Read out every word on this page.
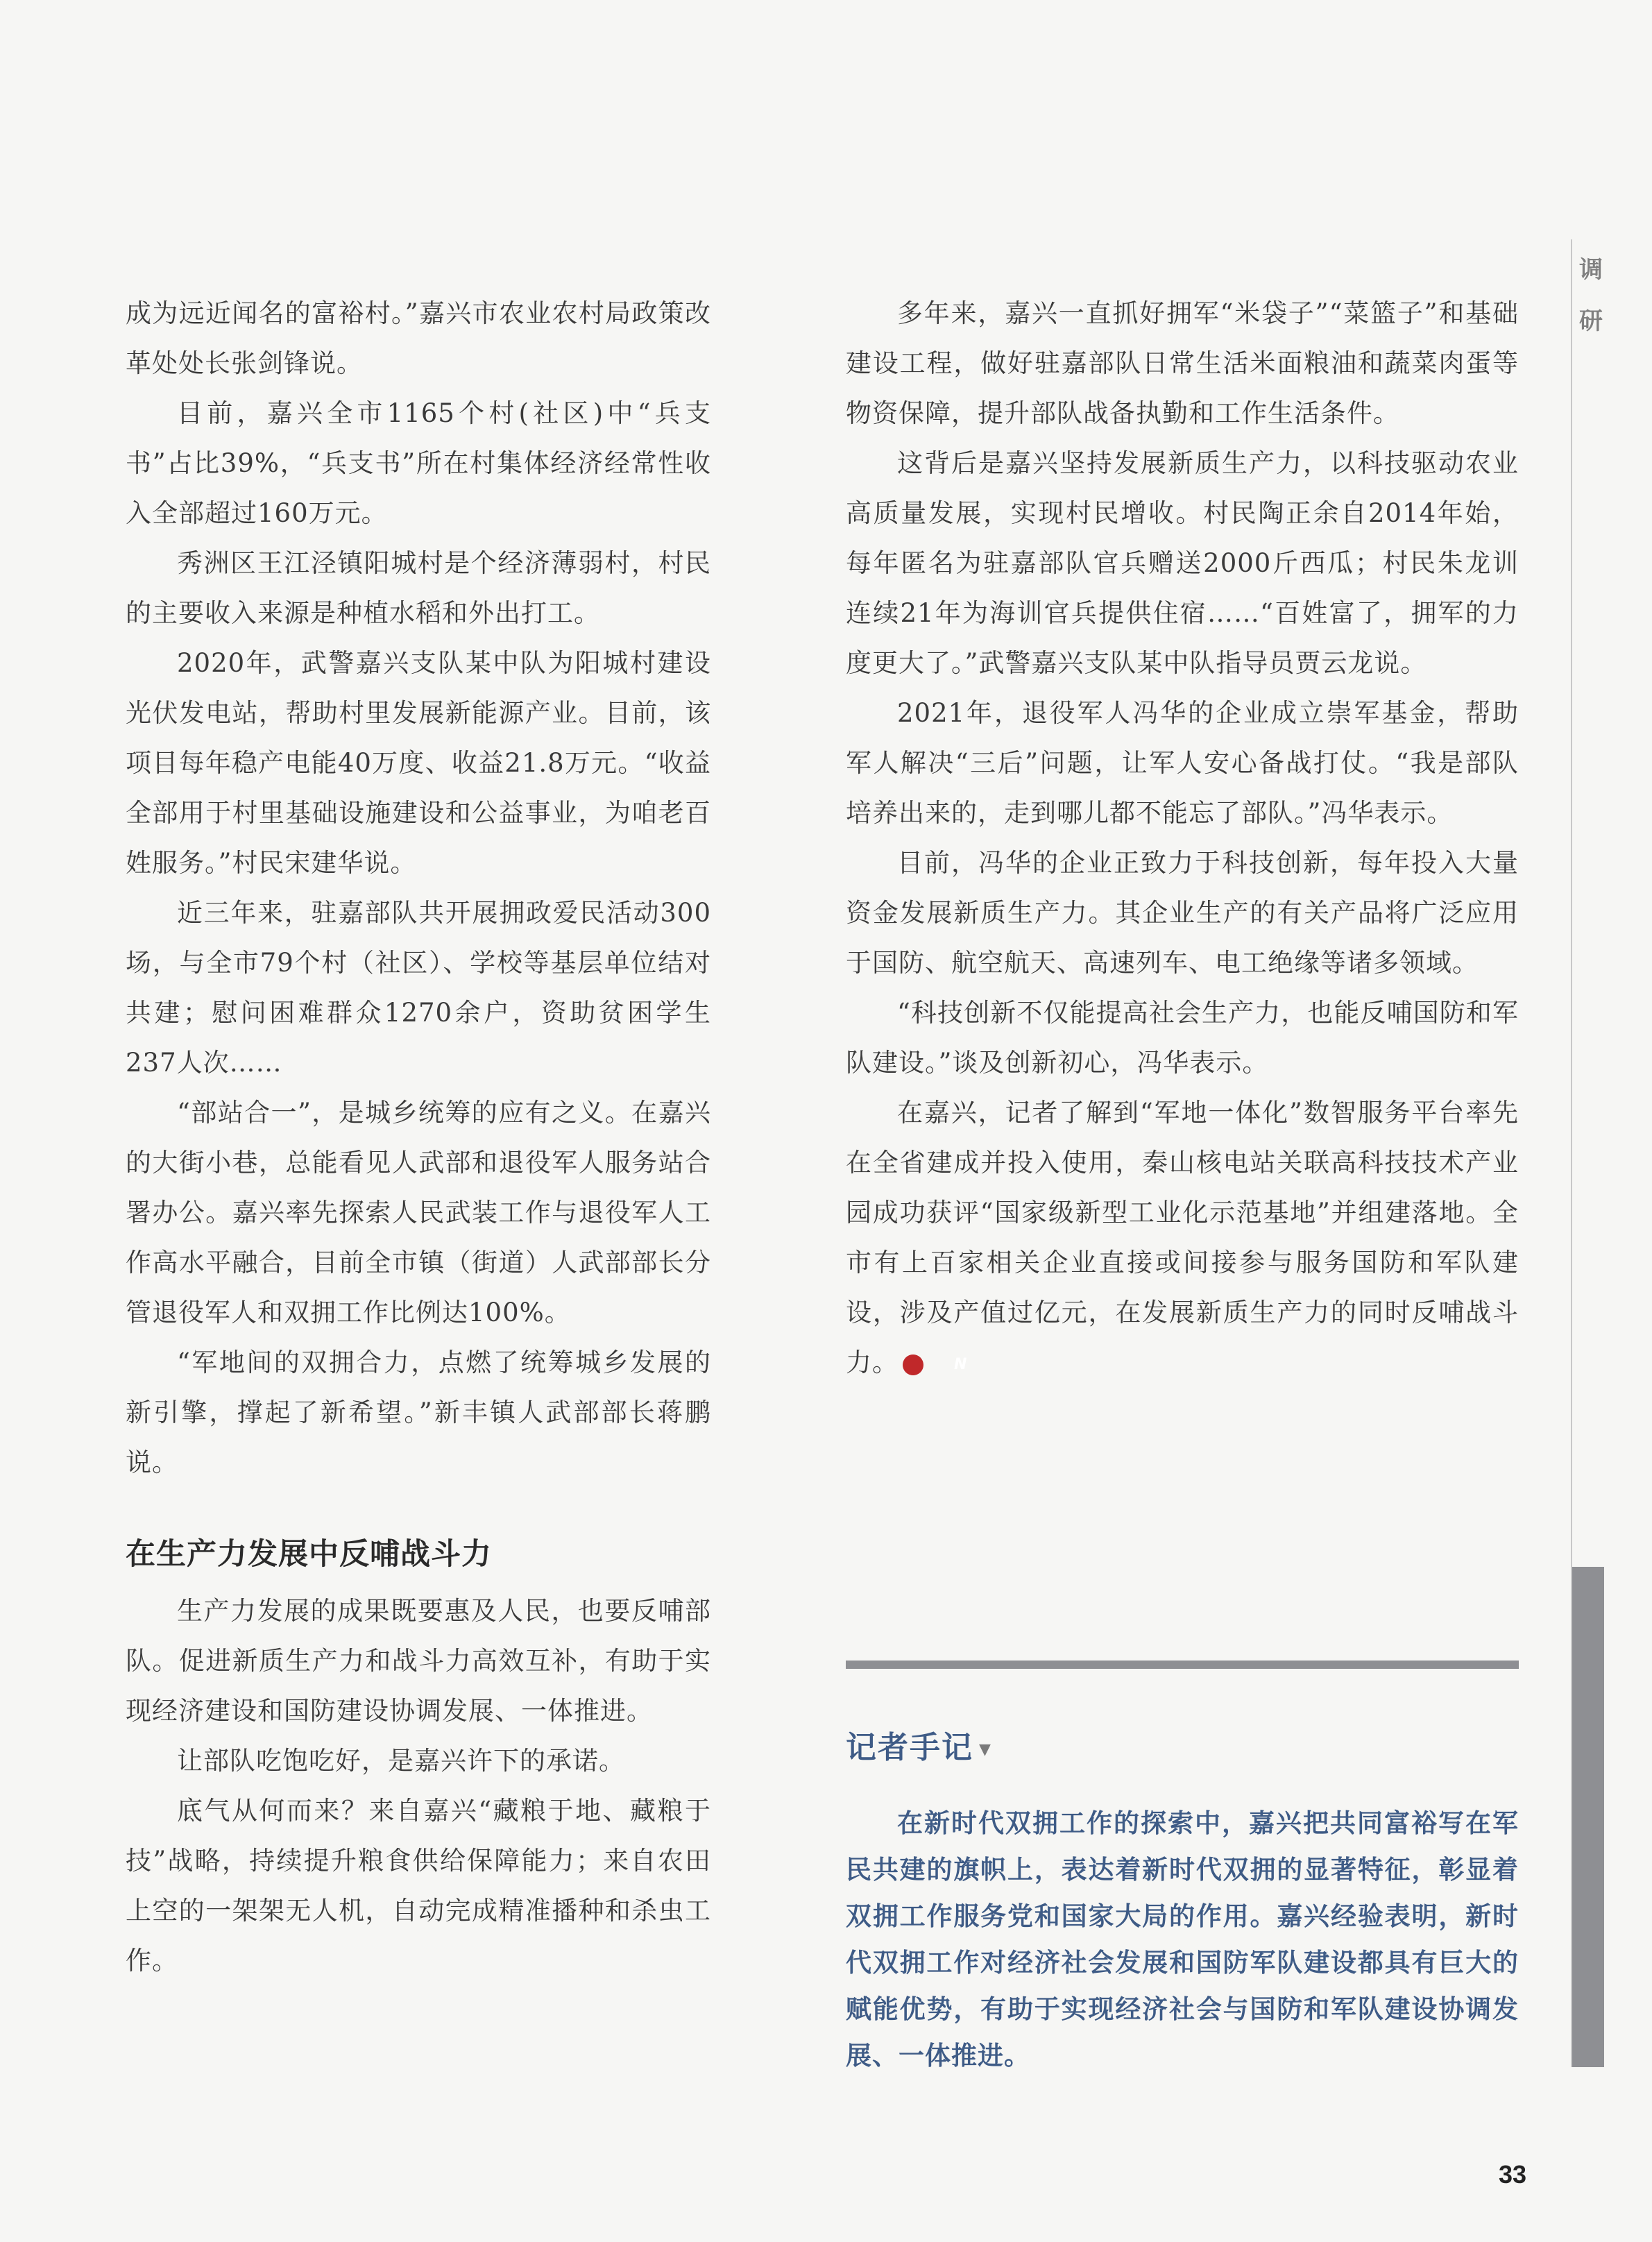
调
研

成为远近闻名的富裕村。”嘉兴市农业农村局政策改革处处长张剑锋说。

目前，嘉兴全市1165个村(社区)中“兵支书”占比39%，“兵支书”所在村集体经济经常性收入全部超过160万元。

秀洲区王江泾镇阳城村是个经济薄弱村，村民的主要收入来源是种植水稻和外出打工。

2020年，武警嘉兴支队某中队为阳城村建设光伏发电站，帮助村里发展新能源产业。目前，该项目每年稳产电能40万度、收益21.8万元。“收益全部用于村里基础设施建设和公益事业，为咱老百姓服务。”村民宋建华说。

近三年来，驻嘉部队共开展拥政爱民活动300场，与全市79个村（社区）、学校等基层单位结对共建；慰问困难群众1270余户，资助贫困学生237人次……

“部站合一”，是城乡统筹的应有之义。在嘉兴的大街小巷，总能看见人武部和退役军人服务站合署办公。嘉兴率先探索人民武装工作与退役军人工作高水平融合，目前全市镇（街道）人武部部长分管退役军人和双拥工作比例达100%。

“军地间的双拥合力，点燃了统筹城乡发展的新引擎，撑起了新希望。”新丰镇人武部部长蒋鹏说。

在生产力发展中反哺战斗力

生产力发展的成果既要惠及人民，也要反哺部队。促进新质生产力和战斗力高效互补，有助于实现经济建设和国防建设协调发展、一体推进。

让部队吃饱吃好，是嘉兴许下的承诺。

底气从何而来？来自嘉兴“藏粮于地、藏粮于技”战略，持续提升粮食供给保障能力；来自农田上空的一架架无人机，自动完成精准播种和杀虫工作。

多年来，嘉兴一直抓好拥军“米袋子”“菜篮子”和基础建设工程，做好驻嘉部队日常生活米面粮油和蔬菜肉蛋等物资保障，提升部队战备执勤和工作生活条件。

这背后是嘉兴坚持发展新质生产力，以科技驱动农业高质量发展，实现村民增收。村民陶正余自2014年始，每年匿名为驻嘉部队官兵赠送2000斤西瓜；村民朱龙训连续21年为海训官兵提供住宿……“百姓富了，拥军的力度更大了。”武警嘉兴支队某中队指导员贾云龙说。

2021年，退役军人冯华的企业成立崇军基金，帮助军人解决“三后”问题，让军人安心备战打仗。“我是部队培养出来的，走到哪儿都不能忘了部队。”冯华表示。

目前，冯华的企业正致力于科技创新，每年投入大量资金发展新质生产力。其企业生产的有关产品将广泛应用于国防、航空航天、高速列车、电工绝缘等诸多领域。

“科技创新不仅能提高社会生产力，也能反哺国防和军队建设。”谈及创新初心，冯华表示。

在嘉兴，记者了解到“军地一体化”数智服务平台率先在全省建成并投入使用，秦山核电站关联高科技技术产业园成功获评“国家级新型工业化示范基地”并组建落地。全市有上百家相关企业直接或间接参与服务国防和军队建设，涉及产值过亿元，在发展新质生产力的同时反哺战斗力。	N

记者手记 ▼

在新时代双拥工作的探索中，嘉兴把共同富裕写在军民共建的旗帜上，表达着新时代双拥的显著特征，彰显着双拥工作服务党和国家大局的作用。嘉兴经验表明，新时代双拥工作对经济社会发展和国防军队建设都具有巨大的赋能优势，有助于实现经济社会与国防和军队建设协调发展、一体推进。

33
